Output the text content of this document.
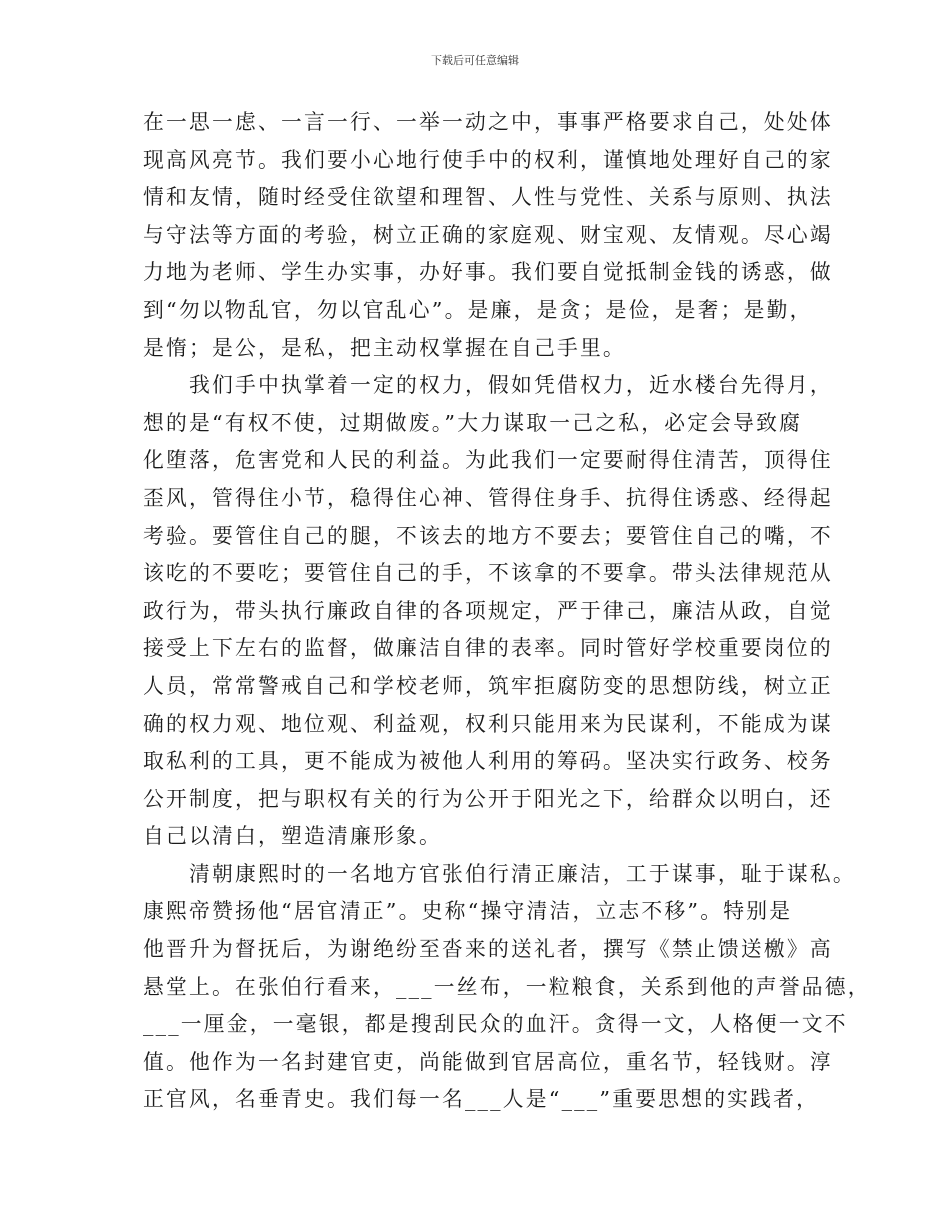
下载后可任意编辑
在一思一虑、一言一行、一举一动之中，事事严格要求自己，处处体
现高风亮节。我们要小心地行使手中的权利，谨慎地处理好自己的家
情和友情，随时经受住欲望和理智、人性与党性、关系与原则、执法
与守法等方面的考验，树立正确的家庭观、财宝观、友情观。尽心竭
力地为老师、学生办实事，办好事。我们要自觉抵制金钱的诱惑，做
到“勿以物乱官，勿以官乱心”。是廉，是贪；是俭，是奢；是勤，
是惰；是公，是私，把主动权掌握在自己手里。
　　我们手中执掌着一定的权力，假如凭借权力，近水楼台先得月，
想的是“有权不使，过期做废。”大力谋取一己之私，必定会导致腐
化堕落，危害党和人民的利益。为此我们一定要耐得住清苦，顶得住
歪风，管得住小节，稳得住心神、管得住身手、抗得住诱惑、经得起
考验。要管住自己的腿，不该去的地方不要去；要管住自己的嘴，不
该吃的不要吃；要管住自己的手，不该拿的不要拿。带头法律规范从
政行为，带头执行廉政自律的各项规定，严于律己，廉洁从政，自觉
接受上下左右的监督，做廉洁自律的表率。同时管好学校重要岗位的
人员，常常警戒自己和学校老师，筑牢拒腐防变的思想防线，树立正
确的权力观、地位观、利益观，权利只能用来为民谋利，不能成为谋
取私利的工具，更不能成为被他人利用的筹码。坚决实行政务、校务
公开制度，把与职权有关的行为公开于阳光之下，给群众以明白，还
自己以清白，塑造清廉形象。
　　清朝康熙时的一名地方官张伯行清正廉洁，工于谋事，耻于谋私。
康熙帝赞扬他“居官清正”。史称“操守清洁，立志不移”。特别是
他晋升为督抚后，为谢绝纷至沓来的送礼者，撰写《禁止馈送檄》高
悬堂上。在张伯行看来，___一丝布，一粒粮食，关系到他的声誉品德，
___一厘金，一毫银，都是搜刮民众的血汗。贪得一文，人格便一文不
值。他作为一名封建官吏，尚能做到官居高位，重名节，轻钱财。淳
正官风，名垂青史。我们每一名___人是“___”重要思想的实践者，
